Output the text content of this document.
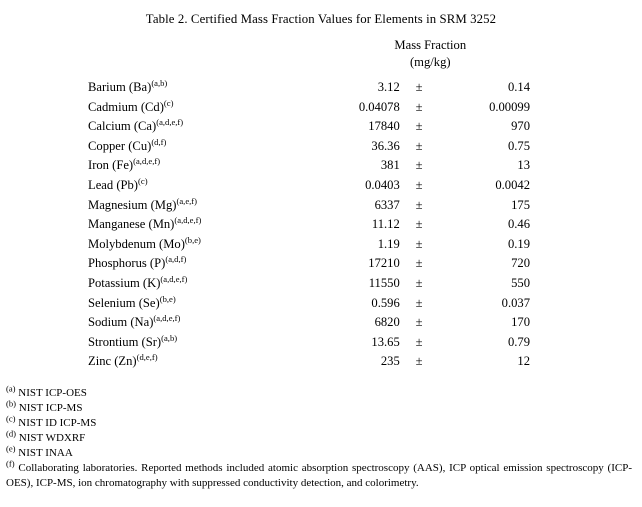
Table 2. Certified Mass Fraction Values for Elements in SRM 3252

	Mass Fraction
(mg/kg)		

Barium $(Ba)^{(a,b)}$	3.12	±	0.14
Cadmium $(Cd)^{(c)}$	0.04078	±	0.00099
Calcium $(Ca)^{(a,d,e,f)}$	17840	±	970
Copper $(Cu)^{(d,f)}$	36.36	±	0.75
Iron $(Fe)^{(a,d,e,f)}$	381	±	13
Lead $(Pb)^{(c)}$	0.0403	±	0.0042
Magnesium $(Mg)^{(a,e,f)}$	6337	±	175
Manganese $(Mn)^{(a,d,e,f)}$	11.12	±	0.46
Molybdenum $(Mo)^{(b,e)}$	1.19	±	0.19
Phosphorus $(P)^{(a,d,f)}$	17210	±	720
Potassium $(K)^{(a,d,e,f)}$	11550	±	550
Selenium $(Se)^{(b,e)}$	0.596	±	0.037
Sodium $(Na)^{(a,d,e,f)}$	6820	±	170
Strontium $(Sr)^{(a,b)}$	13.65	±	0.79
Zinc $(Zn)^{(d,e,f)}$	235	±	12
$^{(a)}$ NIST ICP-OES
$^{(b)}$ NIST ICP-MS
$^{(c)}$ NIST ID ICP-MS
$^{(d)}$ NIST WDXRF
$^{(e)}$ NIST INAA
$^{(f)}$ Collaborating laboratories. Reported methods included atomic absorption spectroscopy (AAS), ICP optical emission spectroscopy (ICP-OES), ICP-MS, ion chromatography with suppressed conductivity detection, and colorimetry.
